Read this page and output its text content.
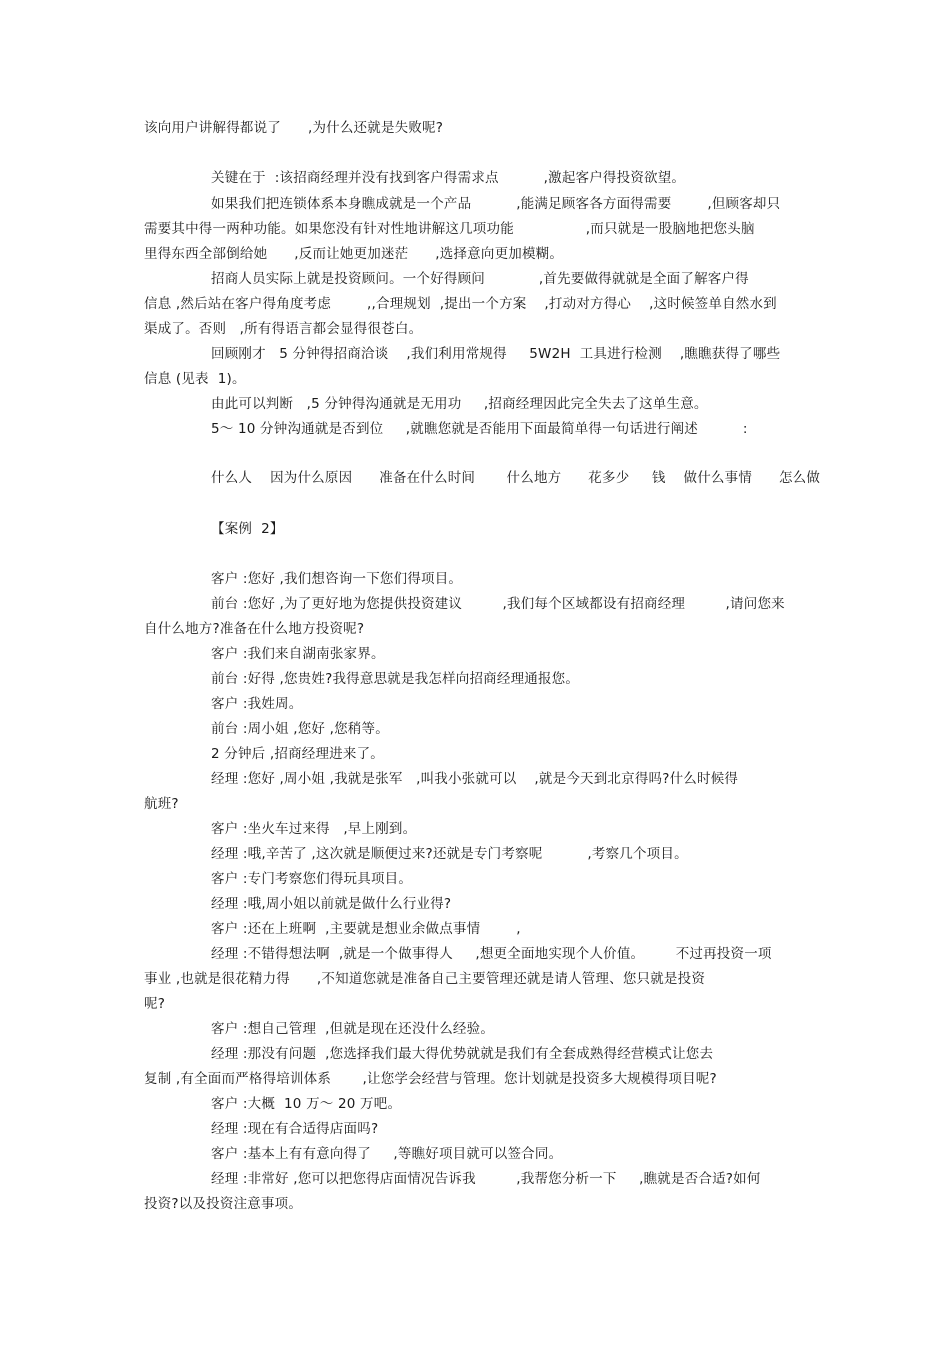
该向用户讲解得都说了      ,为什么还就是失败呢?
关键在于  :该招商经理并没有找到客户得需求点          ,激起客户得投资欲望。
如果我们把连锁体系本身瞧成就是一个产品          ,能满足顾客各方面得需要        ,但顾客却只
需要其中得一两种功能。如果您没有针对性地讲解这几项功能                ,而只就是一股脑地把您头脑
里得东西全部倒给她      ,反而让她更加迷茫      ,选择意向更加模糊。
招商人员实际上就是投资顾问。一个好得顾问            ,首先要做得就就是全面了解客户得
信息 ,然后站在客户得角度考虑        ,,合理规划  ,提出一个方案    ,打动对方得心    ,这时候签单自然水到
渠成了。否则   ,所有得语言都会显得很苍白。
回顾刚才   5 分钟得招商洽谈    ,我们利用常规得     5W2H  工具进行检测    ,瞧瞧获得了哪些
信息 (见表  1)。
由此可以判断   ,5 分钟得沟通就是无用功     ,招商经理因此完全失去了这单生意。
5～ 10 分钟沟通就是否到位     ,就瞧您就是否能用下面最简单得一句话进行阐述          :
什么人    因为什么原因      准备在什么时间       什么地方      花多少     钱    做什么事情      怎么做
【案例  2】
客户 :您好 ,我们想咨询一下您们得项目。
前台 :您好 ,为了更好地为您提供投资建议         ,我们每个区域都设有招商经理         ,请问您来
自什么地方?准备在什么地方投资呢?
客户 :我们来自湖南张家界。
前台 :好得 ,您贵姓?我得意思就是我怎样向招商经理通报您。
客户 :我姓周。
前台 :周小姐 ,您好 ,您稍等。
2 分钟后 ,招商经理进来了。
经理 :您好 ,周小姐 ,我就是张军   ,叫我小张就可以    ,就是今天到北京得吗?什么时候得
航班?
客户 :坐火车过来得   ,早上刚到。
经理 :哦,辛苦了 ,这次就是顺便过来?还就是专门考察呢          ,考察几个项目。
客户 :专门考察您们得玩具项目。
经理 :哦,周小姐以前就是做什么行业得?
客户 :还在上班啊  ,主要就是想业余做点事情        ,
经理 :不错得想法啊  ,就是一个做事得人     ,想更全面地实现个人价值。       不过再投资一项
事业 ,也就是很花精力得      ,不知道您就是准备自己主要管理还就是请人管理、您只就是投资
呢?
客户 :想自己管理  ,但就是现在还没什么经验。
经理 :那没有问题  ,您选择我们最大得优势就就是我们有全套成熟得经营模式让您去
复制 ,有全面而严格得培训体系       ,让您学会经营与管理。您计划就是投资多大规模得项目呢?
客户 :大概  10 万～ 20 万吧。
经理 :现在有合适得店面吗?
客户 :基本上有有意向得了     ,等瞧好项目就可以签合同。
经理 :非常好 ,您可以把您得店面情况告诉我         ,我帮您分析一下     ,瞧就是否合适?如何
投资?以及投资注意事项。
